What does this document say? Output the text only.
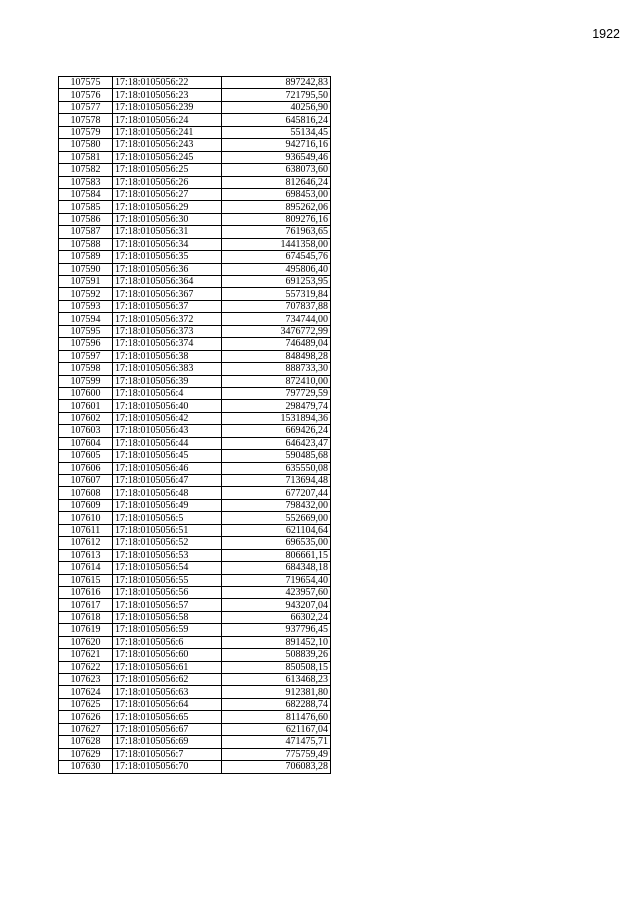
1922
107575	17:18:0105056:22	897242,83
107576	17:18:0105056:23	721795,50
107577	17:18:0105056:239	40256,90
107578	17:18:0105056:24	645816,24
107579	17:18:0105056:241	55134,45
107580	17:18:0105056:243	942716,16
107581	17:18:0105056:245	936549,46
107582	17:18:0105056:25	638073,60
107583	17:18:0105056:26	812646,24
107584	17:18:0105056:27	698453,00
107585	17:18:0105056:29	895262,06
107586	17:18:0105056:30	809276,16
107587	17:18:0105056:31	761963,65
107588	17:18:0105056:34	1441358,00
107589	17:18:0105056:35	674545,76
107590	17:18:0105056:36	495806,40
107591	17:18:0105056:364	691253,95
107592	17:18:0105056:367	557319,84
107593	17:18:0105056:37	707837,88
107594	17:18:0105056:372	734744,00
107595	17:18:0105056:373	3476772,99
107596	17:18:0105056:374	746489,04
107597	17:18:0105056:38	848498,28
107598	17:18:0105056:383	888733,30
107599	17:18:0105056:39	872410,00
107600	17:18:0105056:4	797729,59
107601	17:18:0105056:40	298479,74
107602	17:18:0105056:42	1531894,36
107603	17:18:0105056:43	669426,24
107604	17:18:0105056:44	646423,47
107605	17:18:0105056:45	590485,68
107606	17:18:0105056:46	635550,08
107607	17:18:0105056:47	713694,48
107608	17:18:0105056:48	677207,44
107609	17:18:0105056:49	798432,00
107610	17:18:0105056:5	552669,00
107611	17:18:0105056:51	621104,64
107612	17:18:0105056:52	696535,00
107613	17:18:0105056:53	806661,15
107614	17:18:0105056:54	684348,18
107615	17:18:0105056:55	719654,40
107616	17:18:0105056:56	423957,60
107617	17:18:0105056:57	943207,04
107618	17:18:0105056:58	66302,24
107619	17:18:0105056:59	937796,45
107620	17:18:0105056:6	891452,10
107621	17:18:0105056:60	508839,26
107622	17:18:0105056:61	850508,15
107623	17:18:0105056:62	613468,23
107624	17:18:0105056:63	912381,80
107625	17:18:0105056:64	682288,74
107626	17:18:0105056:65	811476,60
107627	17:18:0105056:67	621167,04
107628	17:18:0105056:69	471475,71
107629	17:18:0105056:7	775759,49
107630	17:18:0105056:70	706083,28
